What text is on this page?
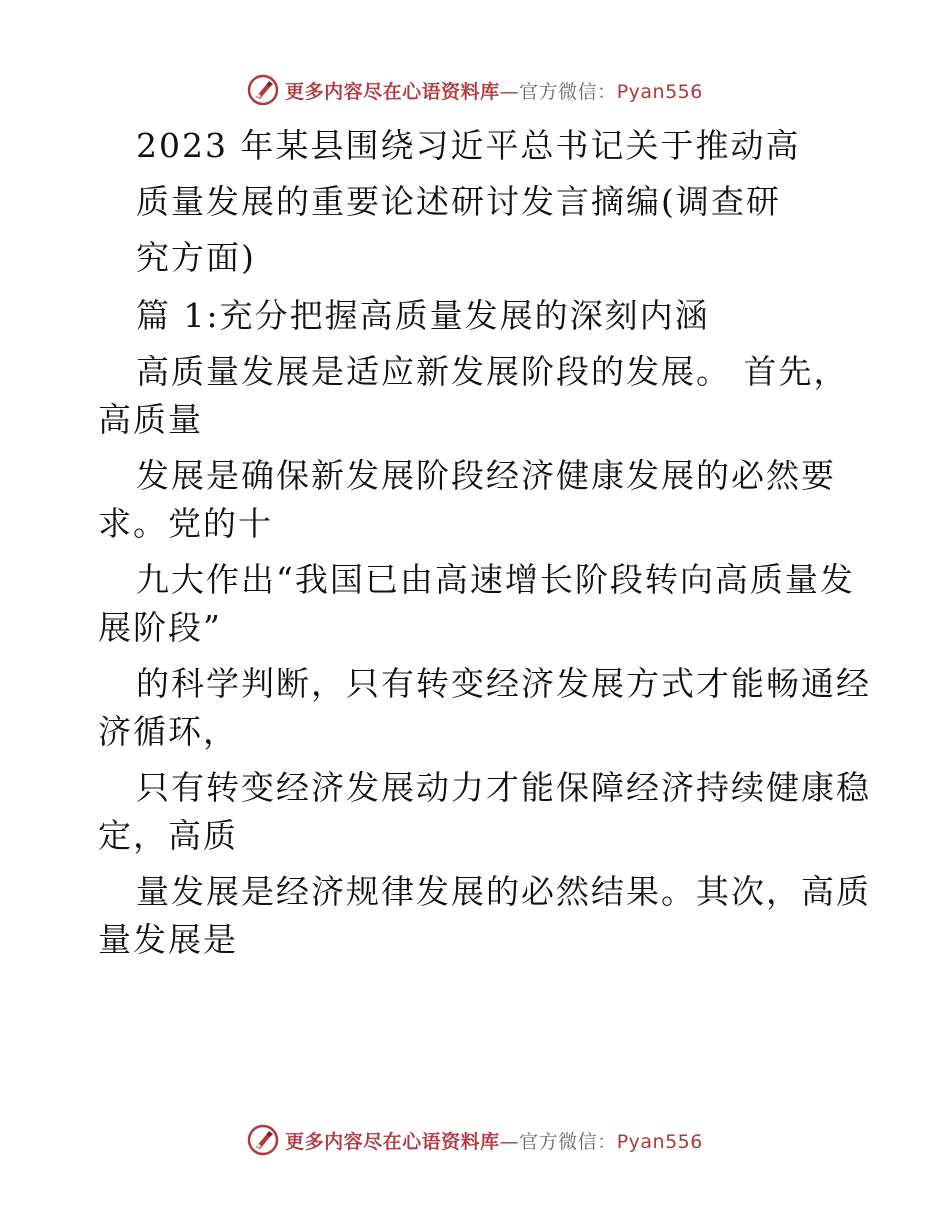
更多内容尽在心语资料库—官方微信：Pyan556
2023 年某县围绕习近平总书记关于推动高
质量发展的重要论述研讨发言摘编(调查研
究方面)
篇 1:充分把握高质量发展的深刻内涵
高质量发展是适应新发展阶段的发展。 首先，
高质量
发展是确保新发展阶段经济健康发展的必然要
求。党的十
九大作出“我国已由高速增长阶段转向高质量发
展阶段”
的科学判断，只有转变经济发展方式才能畅通经
济循环，
只有转变经济发展动力才能保障经济持续健康稳
定，高质
量发展是经济规律发展的必然结果。其次，高质
量发展是
更多内容尽在心语资料库—官方微信：Pyan556
